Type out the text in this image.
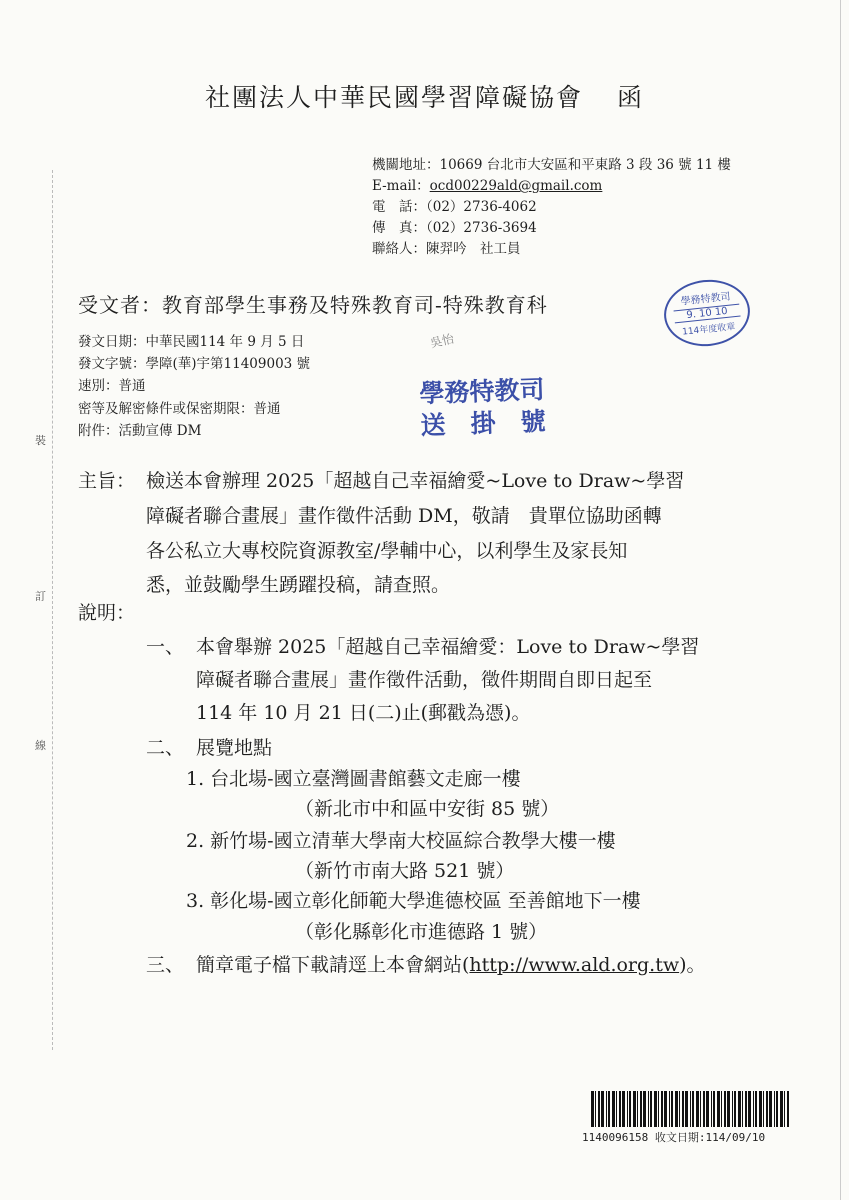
裝
訂
線
社團法人中華民國學習障礙協會 函
機關地址：10669 台北市大安區和平東路 3 段 36 號 11 樓
E-mail：ocd00229ald@gmail.com
電　話：（02）2736-4062
傳　真：（02）2736-3694
聯絡人：陳羿吟　社工員
受文者：教育部學生事務及特殊教育司-特殊教育科	學務特教司
9. 10 10
114年度收章
吳怡
發文日期：中華民國114 年 9 月 5 日
發文字號：學障(華)宇第11409003 號
速別：普通
密等及解密條件或保密期限：普通
附件：活動宣傳 DM
學務特教司
送　掛　號
主旨： 檢送本會辦理 2025「超越自己幸福繪愛~Love to Draw~學習
障礙者聯合畫展」畫作徵件活動 DM，敬請　貴單位協助函轉
各公私立大專校院資源教室/學輔中心，以利學生及家長知
悉，並鼓勵學生踴躍投稿，請查照。
說明：
一、 本會舉辦 2025「超越自己幸福繪愛：Love to Draw~學習
障礙者聯合畫展」畫作徵件活動，徵件期間自即日起至
114 年 10 月 21 日(二)止(郵戳為憑)。
二、 展覽地點
1. 台北場-國立臺灣圖書館藝文走廊一樓
（新北市中和區中安街 85 號）
2. 新竹場-國立清華大學南大校區綜合教學大樓一樓
（新竹市南大路 521 號）
3. 彰化場-國立彰化師範大學進德校區 至善館地下一樓
（彰化縣彰化市進德路 1 號）
三、 簡章電子檔下載請逕上本會網站(http://www.ald.org.tw)。
1140096158 收文日期:114/09/10
